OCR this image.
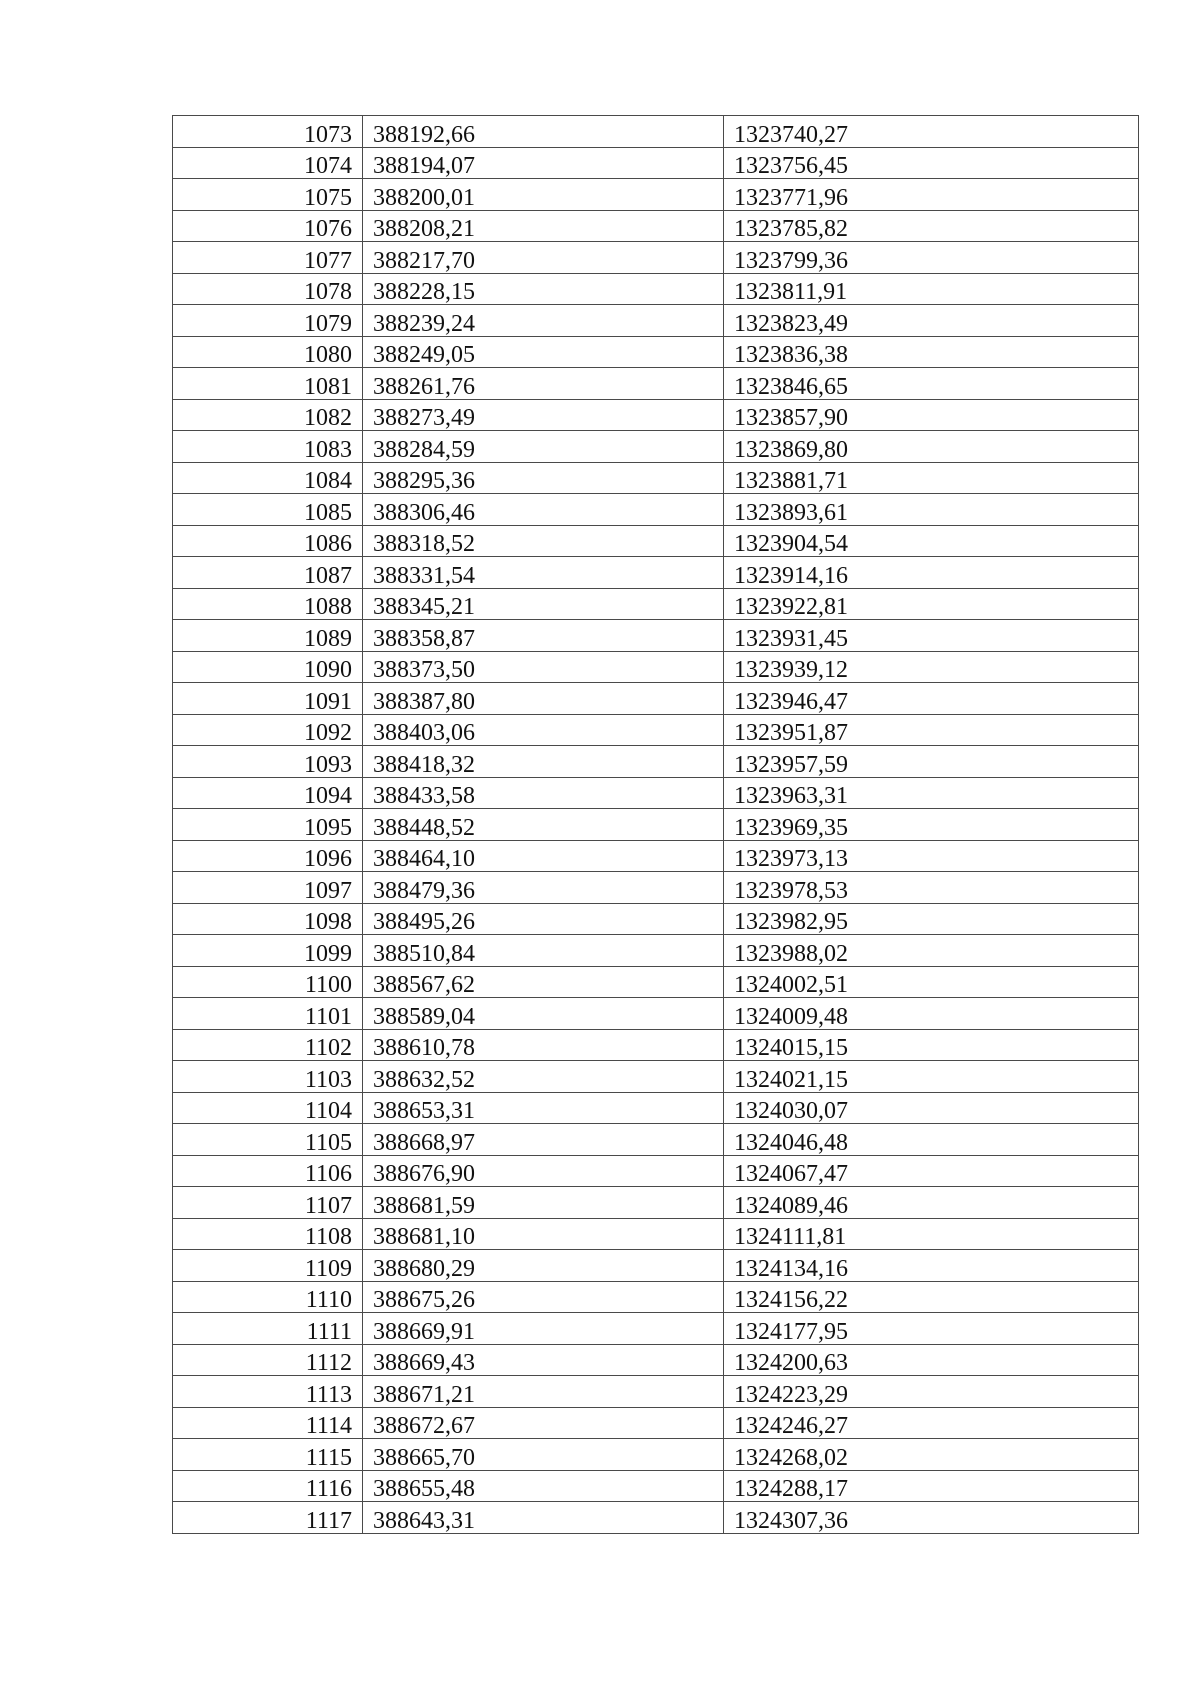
1073	388192,66	1323740,27
1074	388194,07	1323756,45
1075	388200,01	1323771,96
1076	388208,21	1323785,82
1077	388217,70	1323799,36
1078	388228,15	1323811,91
1079	388239,24	1323823,49
1080	388249,05	1323836,38
1081	388261,76	1323846,65
1082	388273,49	1323857,90
1083	388284,59	1323869,80
1084	388295,36	1323881,71
1085	388306,46	1323893,61
1086	388318,52	1323904,54
1087	388331,54	1323914,16
1088	388345,21	1323922,81
1089	388358,87	1323931,45
1090	388373,50	1323939,12
1091	388387,80	1323946,47
1092	388403,06	1323951,87
1093	388418,32	1323957,59
1094	388433,58	1323963,31
1095	388448,52	1323969,35
1096	388464,10	1323973,13
1097	388479,36	1323978,53
1098	388495,26	1323982,95
1099	388510,84	1323988,02
1100	388567,62	1324002,51
1101	388589,04	1324009,48
1102	388610,78	1324015,15
1103	388632,52	1324021,15
1104	388653,31	1324030,07
1105	388668,97	1324046,48
1106	388676,90	1324067,47
1107	388681,59	1324089,46
1108	388681,10	1324111,81
1109	388680,29	1324134,16
1110	388675,26	1324156,22
1111	388669,91	1324177,95
1112	388669,43	1324200,63
1113	388671,21	1324223,29
1114	388672,67	1324246,27
1115	388665,70	1324268,02
1116	388655,48	1324288,17
1117	388643,31	1324307,36
